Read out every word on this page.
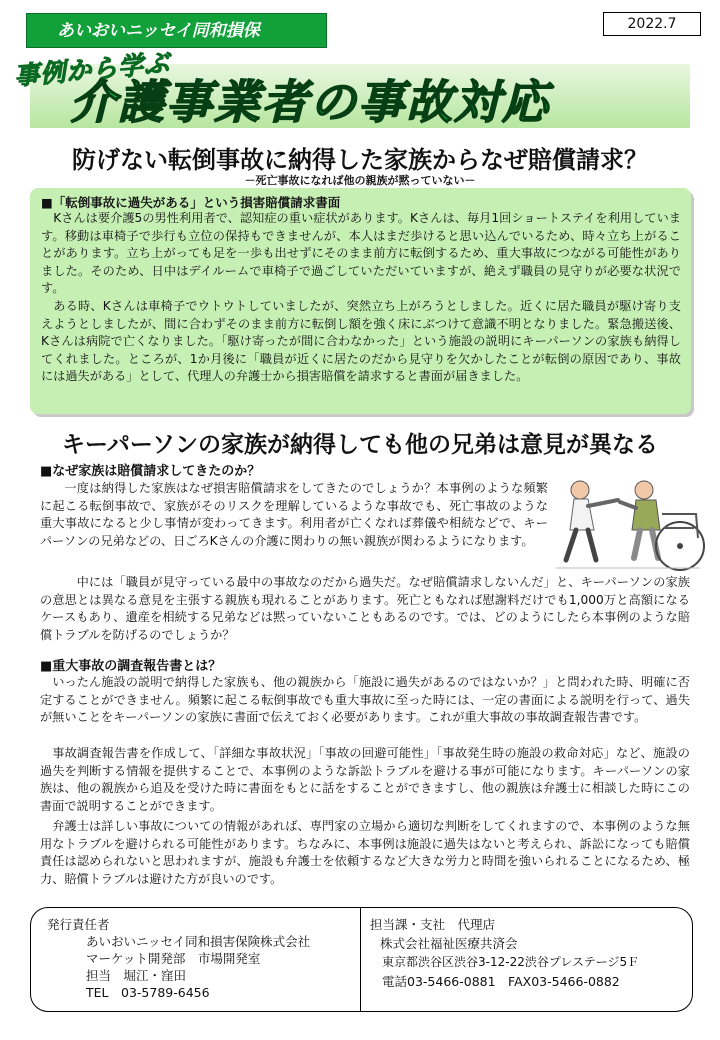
あいおいニッセイ同和損保	2022.7
事例から学ぶ
介護事業者の事故対応
防げない転倒事故に納得した家族からなぜ賠償請求？
－死亡事故になれば他の親族が黙っていない－
■「転倒事故に過失がある」という損害賠償請求書面

Kさんは要介護5の男性利用者で、認知症の重い症状があります。Kさんは、毎月1回ショートステイを利用しています。移動は車椅子で歩行も立位の保持もできませんが、本人はまだ歩けると思い込んでいるため、時々立ち上がることがあります。立ち上がっても足を一歩も出せずにそのまま前方に転倒するため、重大事故につながる可能性がありました。そのため、日中はデイルームで車椅子で過ごしていただいていますが、絶えず職員の見守りが必要な状況です。

ある時、Kさんは車椅子でウトウトしていましたが、突然立ち上がろうとしました。近くに居た職員が駆け寄り支えようとしましたが、間に合わずそのまま前方に転倒し額を強く床にぶつけて意識不明となりました。緊急搬送後、Kさんは病院で亡くなりました。「駆け寄ったが間に合わなかった」という施設の説明にキーパーソンの家族も納得してくれました。ところが、1か月後に「職員が近くに居たのだから見守りを欠かしたことが転倒の原因であり、事故には過失がある」として、代理人の弁護士から損害賠償を請求すると書面が届きました。

キーパーソンの家族が納得しても他の兄弟は意見が異なる
■なぜ家族は賠償請求してきたのか？

一度は納得した家族はなぜ損害賠償請求をしてきたのでしょうか？本事例のような頻繁に起こる転倒事故で、家族がそのリスクを理解しているような事故でも、死亡事故のような重大事故になると少し事情が変わってきます。利用者が亡くなれば葬儀や相続などで、キーパーソンの兄弟などの、日ごろKさんの介護に関わりの無い親族が関わるようになります。

中には「職員が見守っている最中の事故なのだから過失だ。なぜ賠償請求しないんだ」と、キーパーソンの家族の意思とは異なる意見を主張する親族も現れることがあります。死亡ともなれば慰謝料だけでも1,000万と高額になるケースもあり、遺産を相続する兄弟などは黙っていないこともあるのです。では、どのようにしたら本事例のような賠償トラブルを防げるのでしょうか？

■重大事故の調査報告書とは？

いったん施設の説明で納得した家族も、他の親族から「施設に過失があるのではないか？」と問われた時、明確に否定することができません。頻繁に起こる転倒事故でも重大事故に至った時には、一定の書面による説明を行って、過失が無いことをキーパーソンの家族に書面で伝えておく必要があります。これが重大事故の事故調査報告書です。

事故調査報告書を作成して、「詳細な事故状況」「事故の回避可能性」「事故発生時の施設の救命対応」など、施設の過失を判断する情報を提供することで、本事例のような訴訟トラブルを避ける事が可能になります。キーパーソンの家族は、他の親族から追及を受けた時に書面をもとに話をすることができますし、他の親族は弁護士に相談した時にこの書面で説明することができます。

弁護士は詳しい事故についての情報があれば、専門家の立場から適切な判断をしてくれますので、本事例のような無用なトラブルを避けられる可能性があります。ちなみに、本事例は施設に過失はないと考えられ、訴訟になっても賠償責任は認められないと思われますが、施設も弁護士を依頼するなど大きな労力と時間を強いられることになるため、極力、賠償トラブルは避けた方が良いのです。

発行責任者
あいおいニッセイ同和損害保険株式会社
マーケット開発部　市場開発室
担当　堀江・窪田
TEL　03-5789-6456
担当課・支社　代理店
株式会社福祉医療共済会
東京都渋谷区渋谷3-12-22渋谷プレステージ5Ｆ
電話03-5466-0881　FAX03-5466-0882
